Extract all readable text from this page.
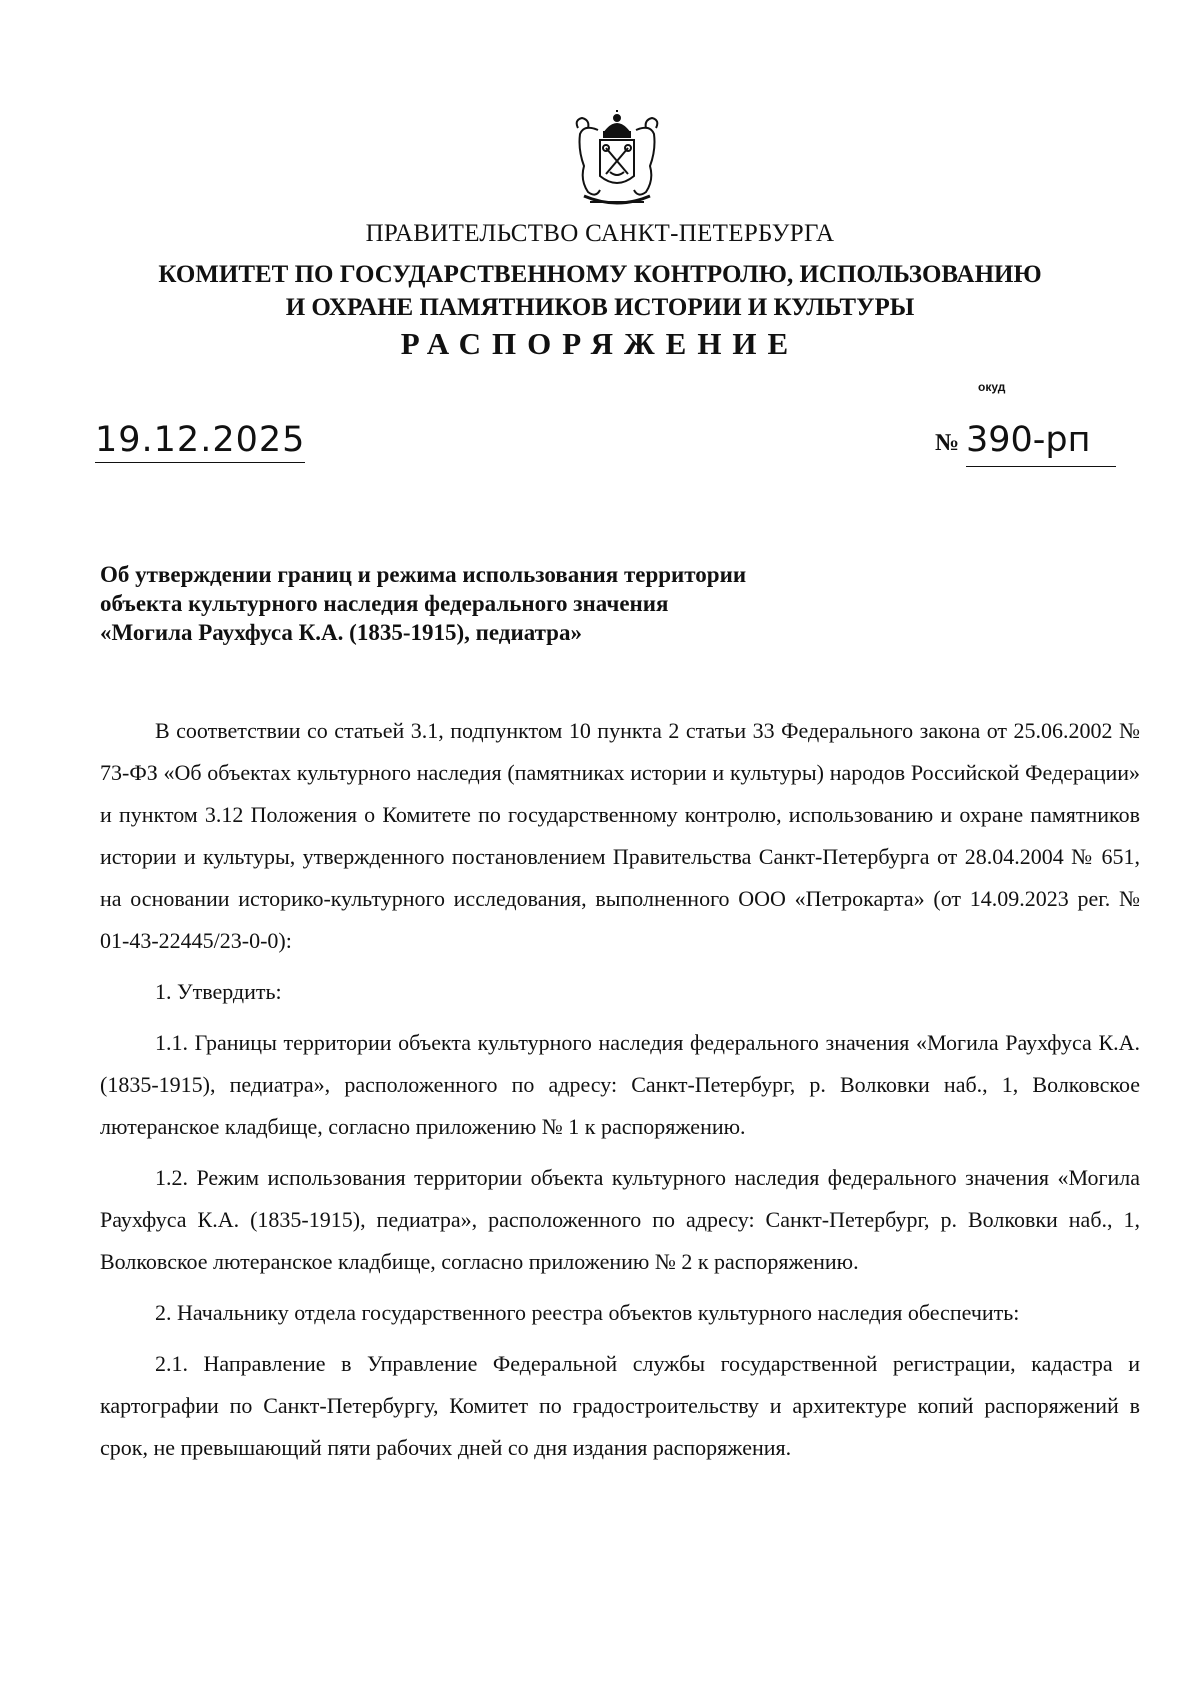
ПРАВИТЕЛЬСТВО САНКТ-ПЕТЕРБУРГА
КОМИТЕТ ПО ГОСУДАРСТВЕННОМУ КОНТРОЛЮ, ИСПОЛЬЗОВАНИЮ
И ОХРАНЕ ПАМЯТНИКОВ ИСТОРИИ И КУЛЬТУРЫ
РАСПОРЯЖЕНИЕ
окуд
19.12.2025	№ 390-рп
Об утверждении границ и режима использования территории
объекта культурного наследия федерального значения
«Могила Раухфуса К.А. (1835-1915), педиатра»

В соответствии со статьей 3.1, подпунктом 10 пункта 2 статьи 33 Федерального закона от 25.06.2002 № 73-ФЗ «Об объектах культурного наследия (памятниках истории и культуры) народов Российской Федерации» и пунктом 3.12 Положения о Комитете по государственному контролю, использованию и охране памятников истории и культуры, утвержденного постановлением Правительства Санкт-Петербурга от 28.04.2004 № 651, на основании историко-культурного исследования, выполненного ООО «Петрокарта» (от 14.09.2023 рег. № 01-43-22445/23-0-0):

1. Утвердить:

1.1. Границы территории объекта культурного наследия федерального значения «Могила Раухфуса К.А. (1835-1915), педиатра», расположенного по адресу: Санкт-Петербург, р. Волковки наб., 1, Волковское лютеранское кладбище, согласно приложению № 1 к распоряжению.

1.2. Режим использования территории объекта культурного наследия федерального значения «Могила Раухфуса К.А. (1835-1915), педиатра», расположенного по адресу: Санкт-Петербург, р. Волковки наб., 1, Волковское лютеранское кладбище, согласно приложению № 2 к распоряжению.

2. Начальнику отдела государственного реестра объектов культурного наследия обеспечить:

2.1. Направление в Управление Федеральной службы государственной регистрации, кадастра и картографии по Санкт-Петербургу, Комитет по градостроительству и архитектуре копий распоряжений в срок, не превышающий пяти рабочих дней со дня издания распоряжения.
